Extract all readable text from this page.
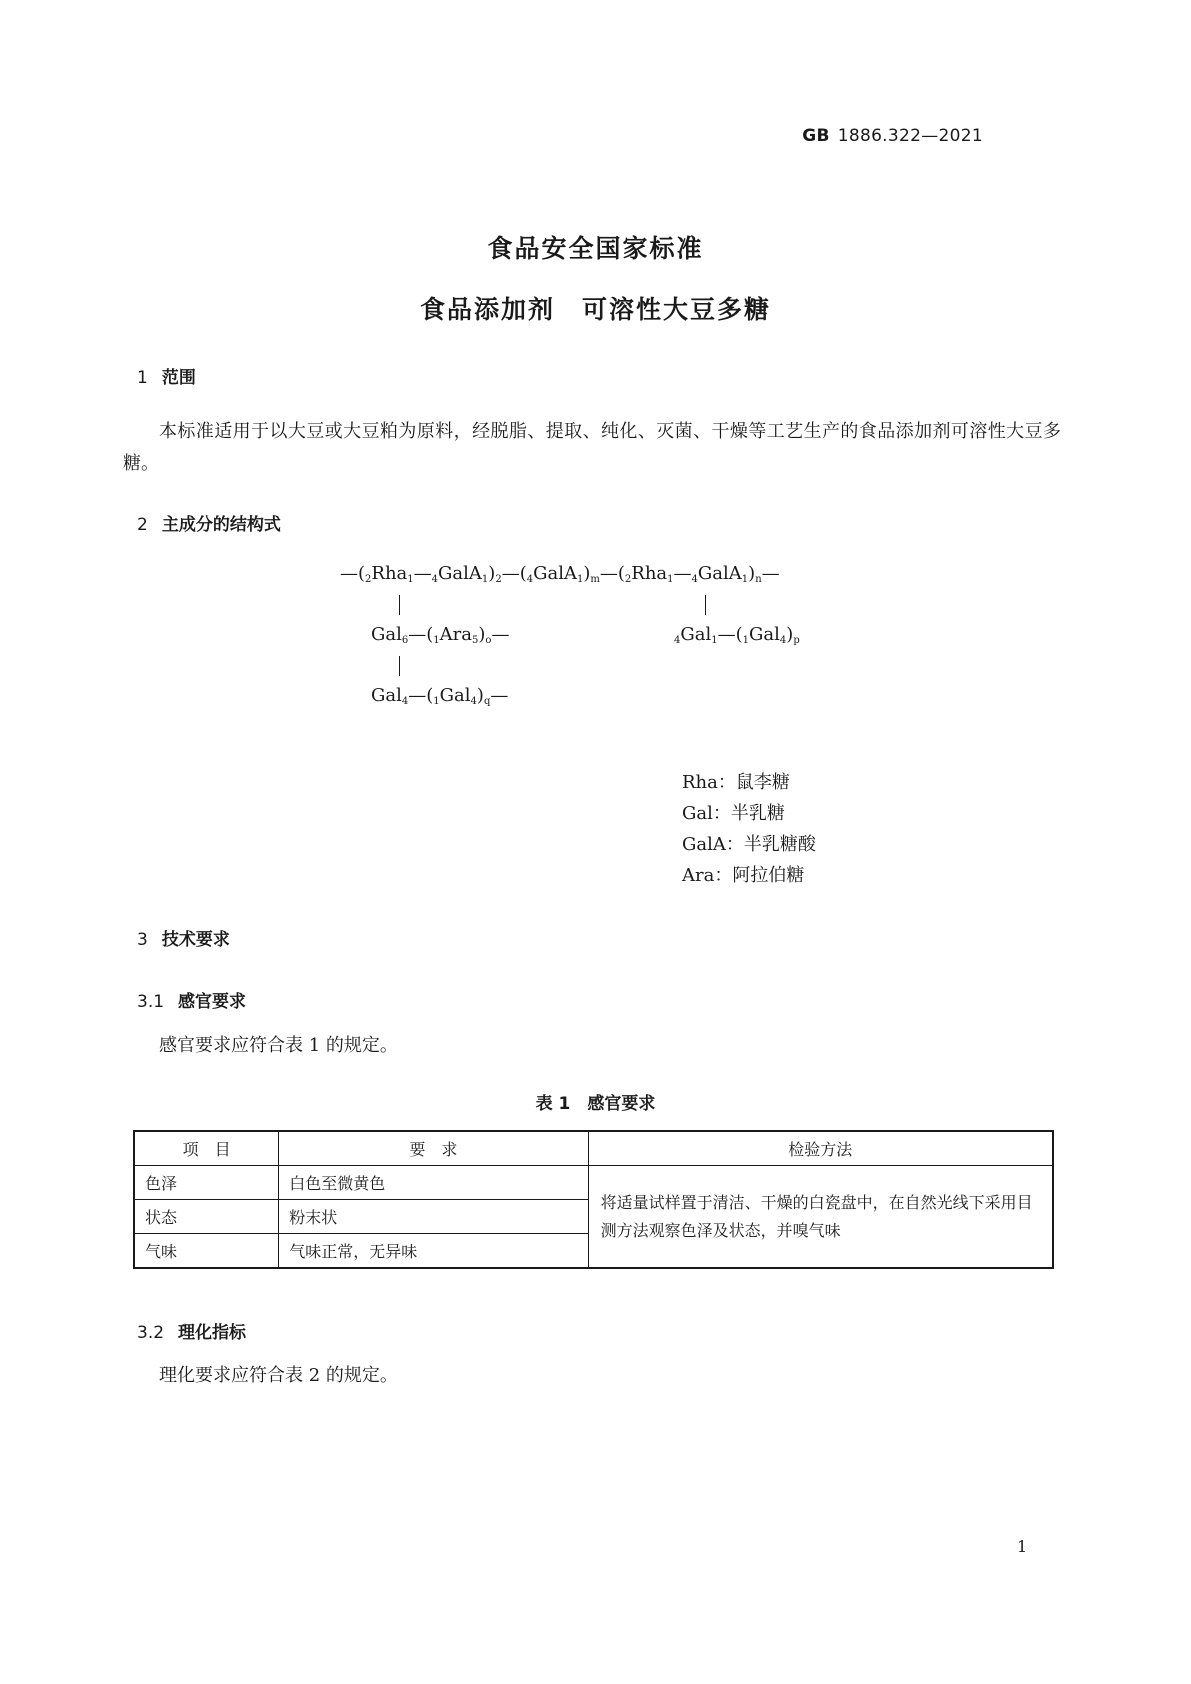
GB 1886.322—2021
食品安全国家标准
食品添加剂　可溶性大豆多糖
1 范围
本标准适用于以大豆或大豆粕为原料，经脱脂、提取、纯化、灭菌、干燥等工艺生产的食品添加剂可溶性大豆多糖。
2 主成分的结构式
$—(_2Rha_1—_4GalA_1)_2—(_4GalA_1)_m—(_2Rha_1—_4GalA_1)_n—$
$Gal_6—(_1Ara_5)_o—$	$_4Gal_1—(_1Gal_4)_p$
$Gal_4—(_1Gal_4)_q—$
Rha：鼠李糖
Gal：半乳糖
GalA：半乳糖酸
Ara：阿拉伯糖
3 技术要求
3.1 感官要求
感官要求应符合表 1 的规定。
表 1　感官要求
项　目	要　求	检验方法
色泽	白色至微黄色	将适量试样置于清洁、干燥的白瓷盘中，在自然光线下采用目测方法观察色泽及状态，并嗅气味
状态	粉末状	
气味	气味正常，无异味	
3.2 理化指标
理化要求应符合表 2 的规定。
1
